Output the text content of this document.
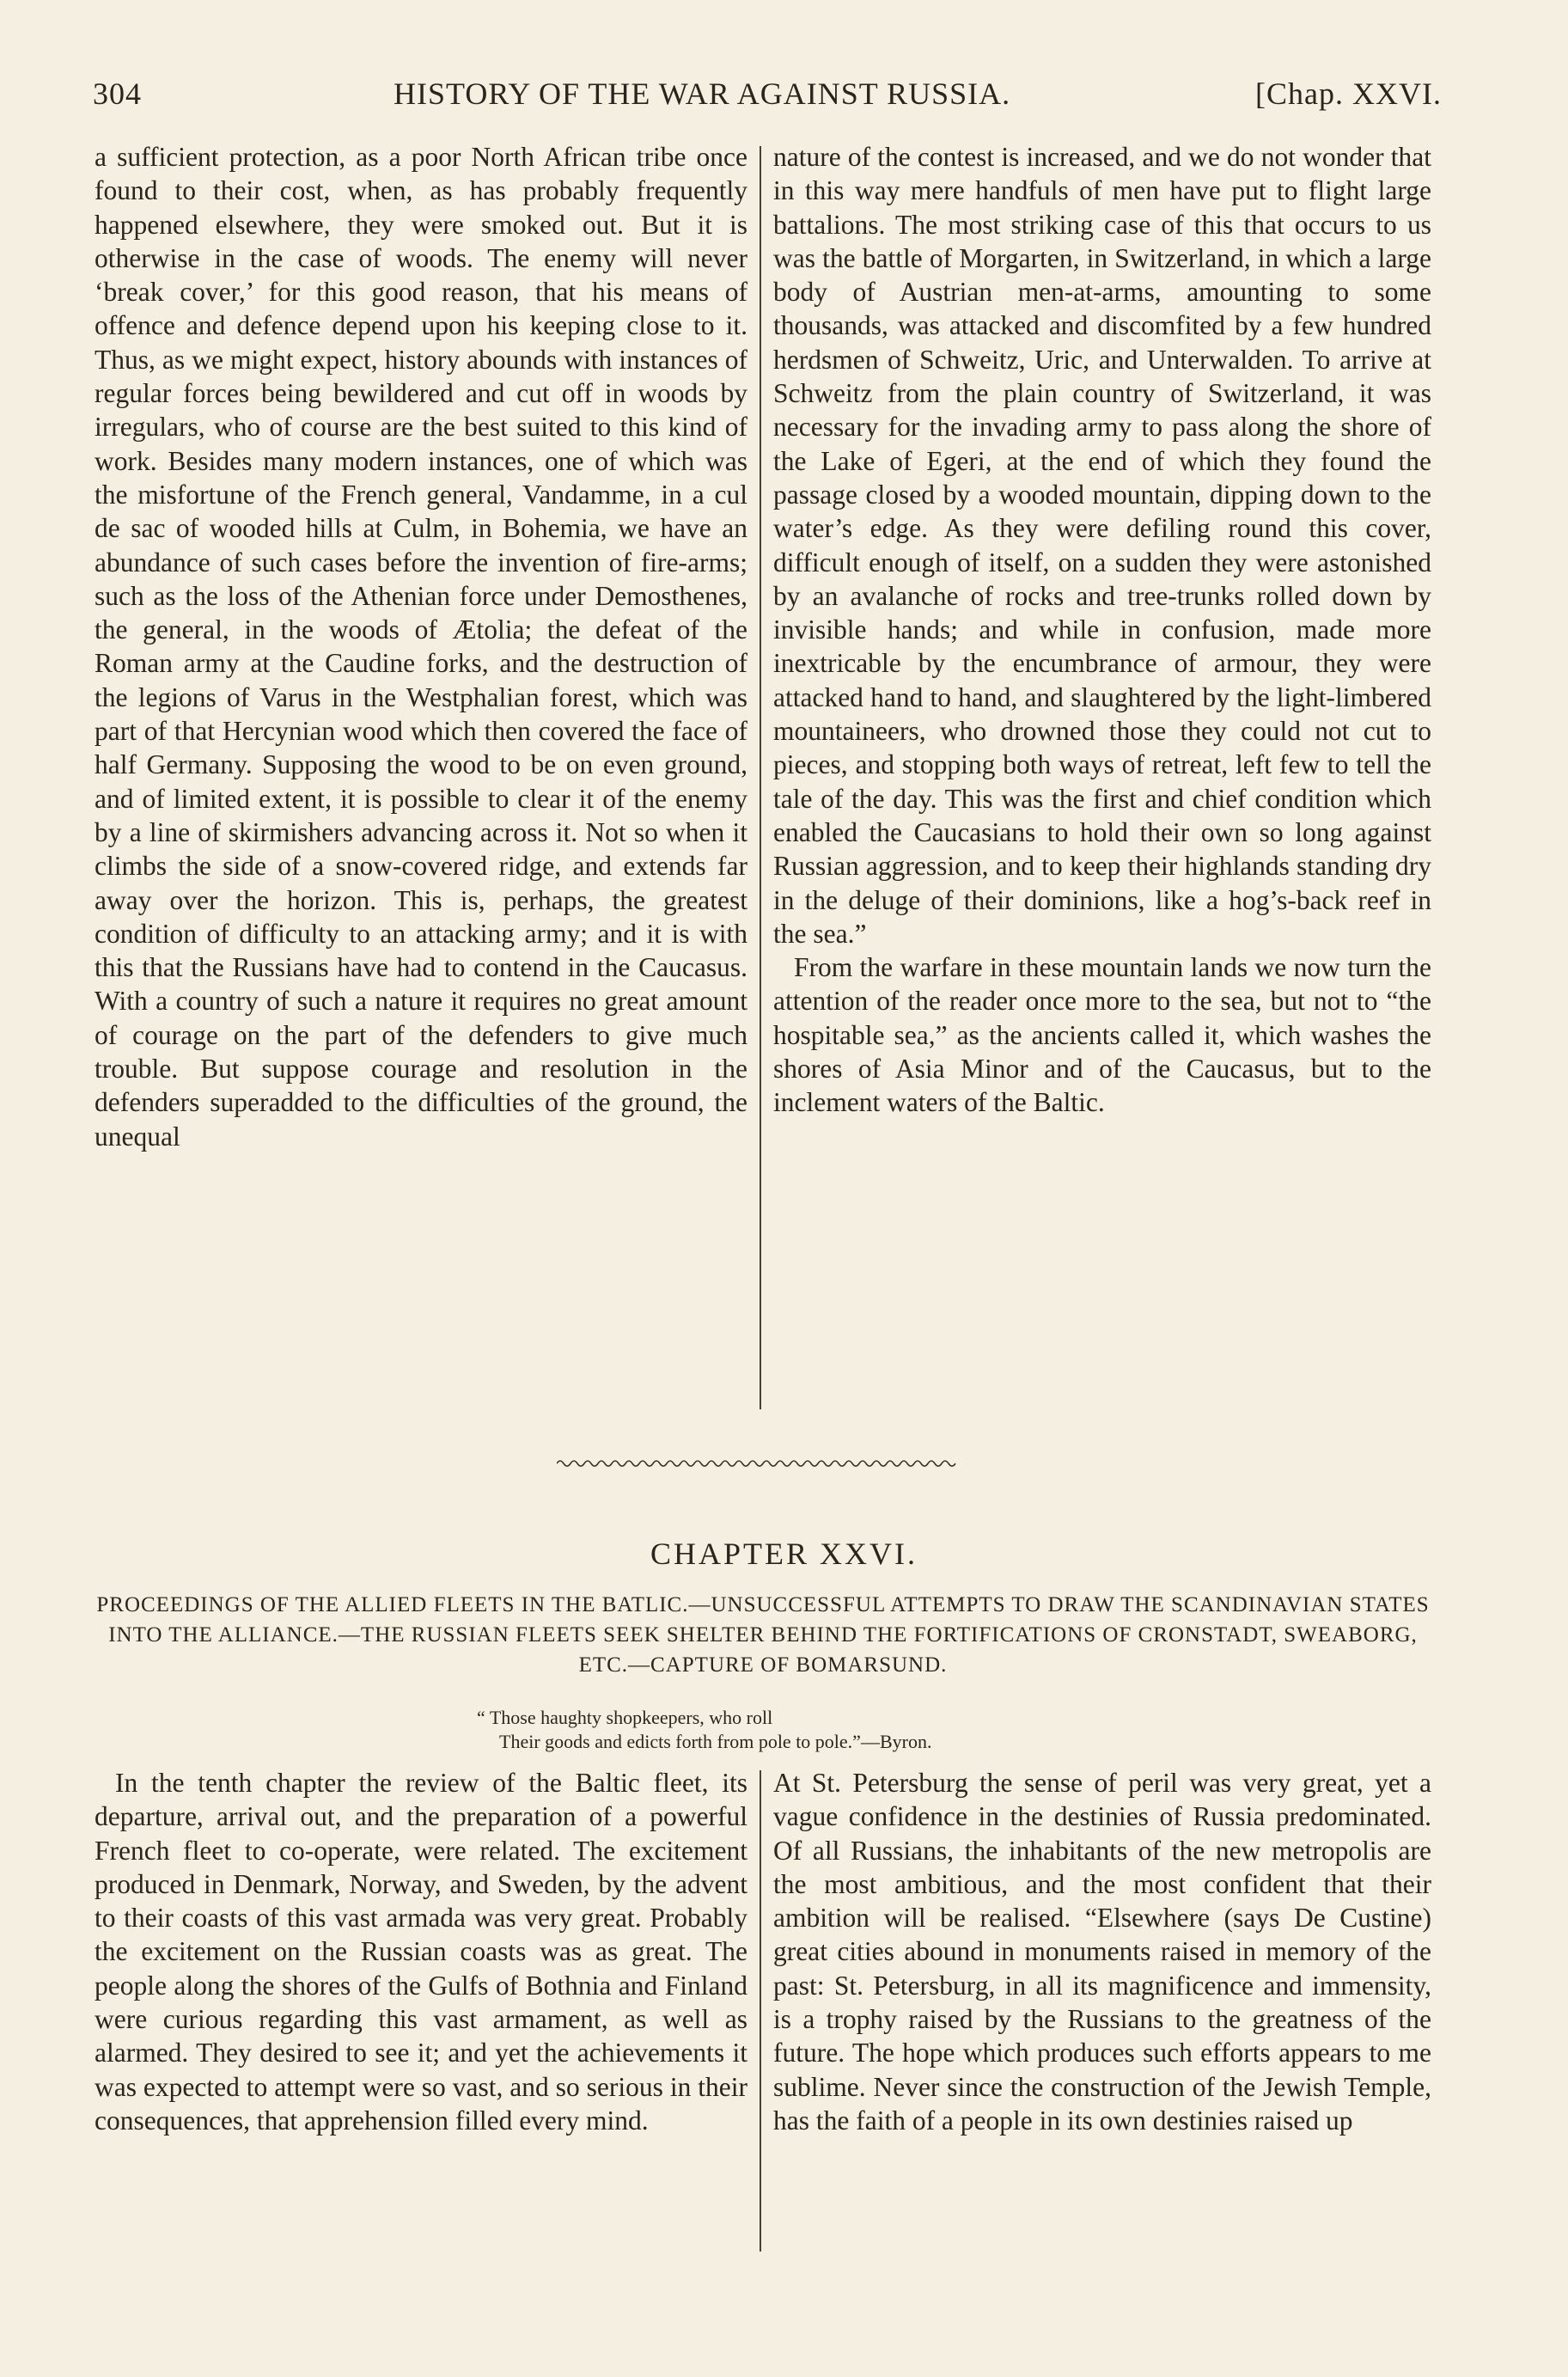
304	HISTORY OF THE WAR AGAINST RUSSIA.	[Chap. XXVI.

a sufficient protection, as a poor North African tribe once found to their cost, when, as has probably frequently happened elsewhere, they were smoked out. But it is otherwise in the case of woods. The enemy will never ‘break cover,’ for this good reason, that his means of offence and defence depend upon his keeping close to it. Thus, as we might expect, history abounds with instances of regular forces being bewildered and cut off in woods by irregulars, who of course are the best suited to this kind of work. Besides many modern instances, one of which was the misfortune of the French general, Vandamme, in a cul de sac of wooded hills at Culm, in Bohemia, we have an abundance of such cases before the invention of fire-arms; such as the loss of the Athenian force under Demosthenes, the general, in the woods of Ætolia; the defeat of the Roman army at the Caudine forks, and the destruction of the legions of Varus in the Westphalian forest, which was part of that Hercynian wood which then covered the face of half Germany. Supposing the wood to be on even ground, and of limited extent, it is possible to clear it of the enemy by a line of skirmishers advancing across it. Not so when it climbs the side of a snow-covered ridge, and extends far away over the horizon. This is, perhaps, the greatest condition of difficulty to an attacking army; and it is with this that the Russians have had to contend in the Caucasus. With a country of such a nature it requires no great amount of courage on the part of the defenders to give much trouble. But suppose courage and resolution in the defenders superadded to the difficulties of the ground, the unequal

nature of the contest is increased, and we do not wonder that in this way mere handfuls of men have put to flight large battalions. The most striking case of this that occurs to us was the battle of Morgarten, in Switzerland, in which a large body of Austrian men-at-arms, amounting to some thousands, was attacked and discomfited by a few hundred herdsmen of Schweitz, Uric, and Unterwalden. To arrive at Schweitz from the plain country of Switzerland, it was necessary for the invading army to pass along the shore of the Lake of Egeri, at the end of which they found the passage closed by a wooded mountain, dipping down to the water’s edge. As they were defiling round this cover, difficult enough of itself, on a sudden they were astonished by an avalanche of rocks and tree-trunks rolled down by invisible hands; and while in confusion, made more inextricable by the encumbrance of armour, they were attacked hand to hand, and slaughtered by the light-limbered mountaineers, who drowned those they could not cut to pieces, and stopping both ways of retreat, left few to tell the tale of the day. This was the first and chief condition which enabled the Caucasians to hold their own so long against Russian aggression, and to keep their highlands standing dry in the deluge of their dominions, like a hog’s-back reef in the sea.”

From the warfare in these mountain lands we now turn the attention of the reader once more to the sea, but not to “the hospitable sea,” as the ancients called it, which washes the shores of Asia Minor and of the Caucasus, but to the inclement waters of the Baltic.

CHAPTER XXVI.

PROCEEDINGS OF THE ALLIED FLEETS IN THE BATLIC.—UNSUCCESSFUL ATTEMPTS TO DRAW THE SCANDINAVIAN STATES INTO THE ALLIANCE.—THE RUSSIAN FLEETS SEEK SHELTER BEHIND THE FORTIFICATIONS OF CRONSTADT, SWEABORG, ETC.—CAPTURE OF BOMARSUND.

“ Those haughty shopkeepers, who roll
Their goods and edicts forth from pole to pole.”—Byron.

In the tenth chapter the review of the Baltic fleet, its departure, arrival out, and the preparation of a powerful French fleet to co-operate, were related. The excitement produced in Denmark, Norway, and Sweden, by the advent to their coasts of this vast armada was very great. Probably the excitement on the Russian coasts was as great. The people along the shores of the Gulfs of Bothnia and Finland were curious regarding this vast armament, as well as alarmed. They desired to see it; and yet the achievements it was expected to attempt were so vast, and so serious in their consequences, that apprehension filled every mind.

At St. Petersburg the sense of peril was very great, yet a vague confidence in the destinies of Russia predominated. Of all Russians, the inhabitants of the new metropolis are the most ambitious, and the most confident that their ambition will be realised. “Elsewhere (says De Custine) great cities abound in monuments raised in memory of the past: St. Petersburg, in all its magnificence and immensity, is a trophy raised by the Russians to the greatness of the future. The hope which produces such efforts appears to me sublime. Never since the construction of the Jewish Temple, has the faith of a people in its own destinies raised up
